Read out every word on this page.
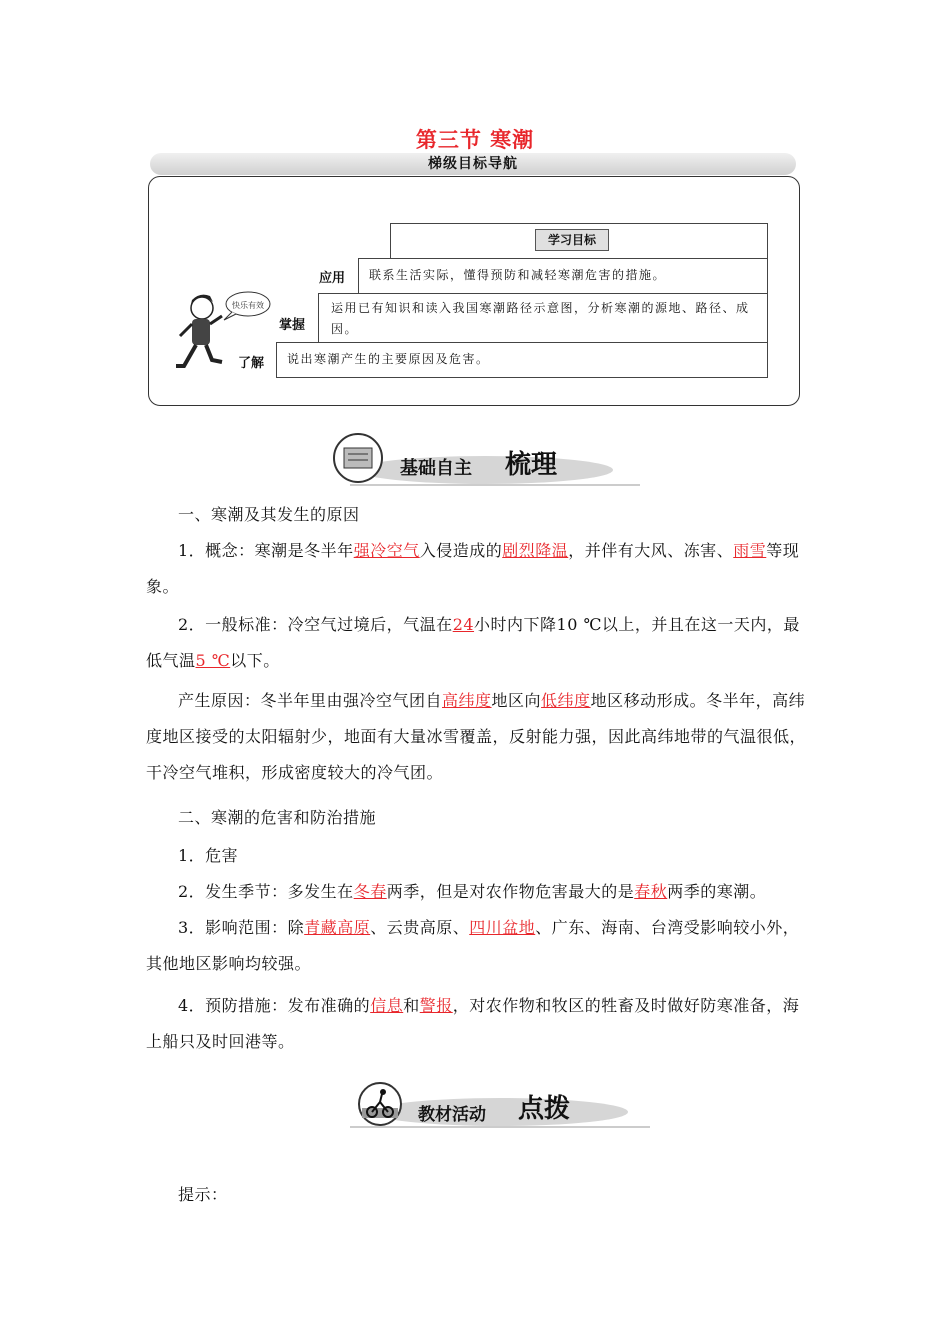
第三节 寒潮
梯级目标导航
学习目标
联系生活实际，懂得预防和减轻寒潮危害的措施。
运用已有知识和读入我国寒潮路径示意图，分析寒潮的源地、路径、成因。
说出寒潮产生的主要原因及危害。
应用
掌握
了解
快乐有效
基础自主 梳理
一、寒潮及其发生的原因
1．概念：寒潮是冬半年强冷空气入侵造成的剧烈降温，并伴有大风、冻害、雨雪等现象。
2．一般标准：冷空气过境后，气温在24小时内下降10 ℃以上，并且在这一天内，最低气温5 ℃以下。
产生原因：冬半年里由强冷空气团自高纬度地区向低纬度地区移动形成。冬半年，高纬度地区接受的太阳辐射少，地面有大量冰雪覆盖，反射能力强，因此高纬地带的气温很低，干冷空气堆积，形成密度较大的冷气团。
二、寒潮的危害和防治措施
1．危害
2．发生季节：多发生在冬春两季，但是对农作物危害最大的是春秋两季的寒潮。
3．影响范围：除青藏高原、云贵高原、四川盆地、广东、海南、台湾受影响较小外，其他地区影响均较强。
4．预防措施：发布准确的信息和警报，对农作物和牧区的牲畜及时做好防寒准备，海上船只及时回港等。
教材活动 点拨
提示：
